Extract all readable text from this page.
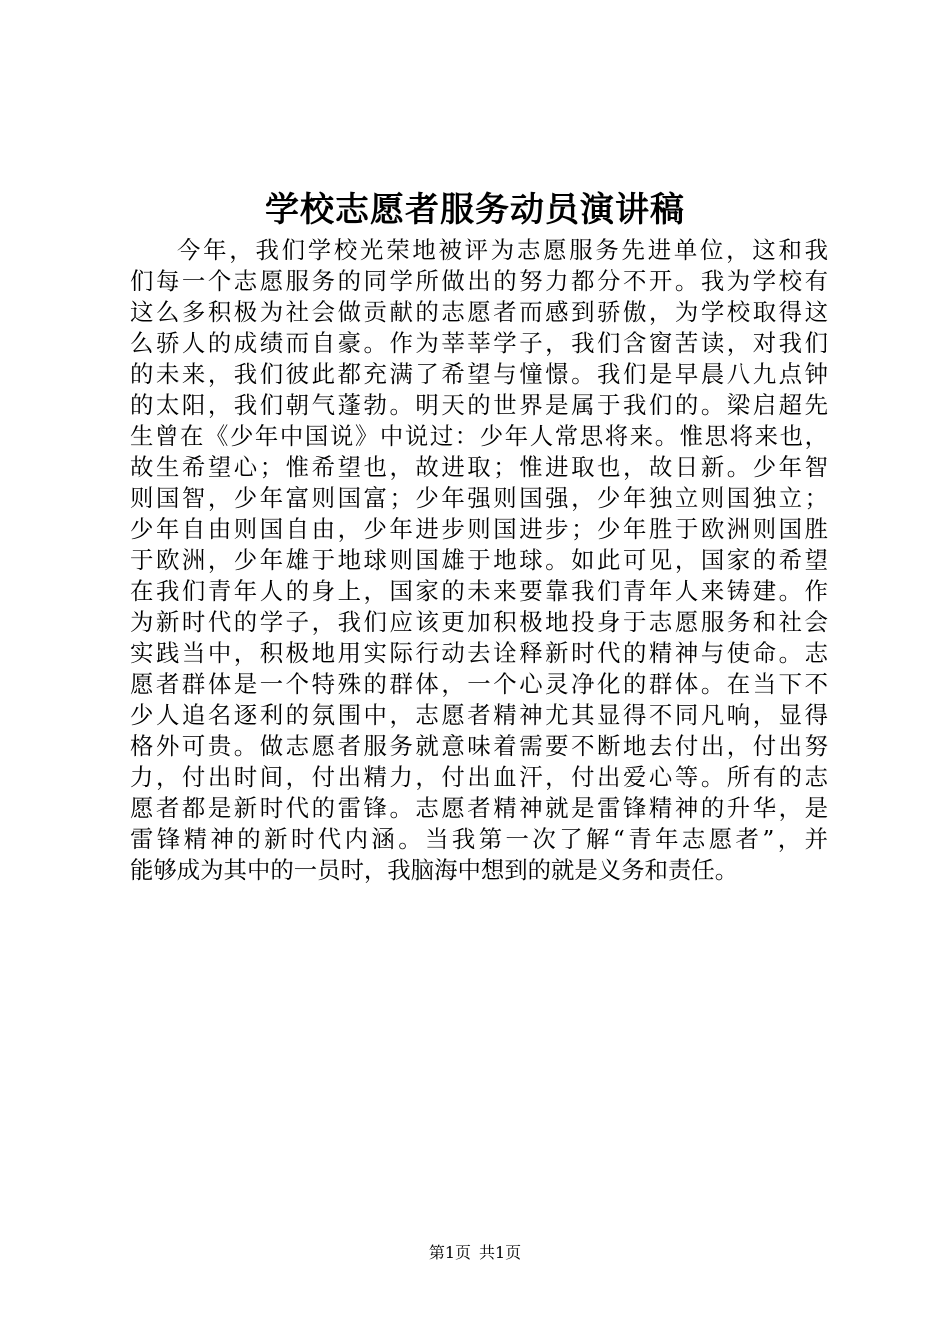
学校志愿者服务动员演讲稿
今年，我们学校光荣地被评为志愿服务先进单位，这和我
们每一个志愿服务的同学所做出的努力都分不开。我为学校有
这么多积极为社会做贡献的志愿者而感到骄傲，为学校取得这
么骄人的成绩而自豪。作为莘莘学子，我们含窗苦读，对我们
的未来，我们彼此都充满了希望与憧憬。我们是早晨八九点钟
的太阳，我们朝气蓬勃。明天的世界是属于我们的。梁启超先
生曾在《少年中国说》中说过：少年人常思将来。惟思将来也，
故生希望心；惟希望也，故进取；惟进取也，故日新。少年智
则国智，少年富则国富；少年强则国强，少年独立则国独立；
少年自由则国自由，少年进步则国进步；少年胜于欧洲则国胜
于欧洲，少年雄于地球则国雄于地球。如此可见，国家的希望
在我们青年人的身上，国家的未来要靠我们青年人来铸建。作
为新时代的学子，我们应该更加积极地投身于志愿服务和社会
实践当中，积极地用实际行动去诠释新时代的精神与使命。志
愿者群体是一个特殊的群体，一个心灵净化的群体。在当下不
少人追名逐利的氛围中，志愿者精神尤其显得不同凡响，显得
格外可贵。做志愿者服务就意味着需要不断地去付出，付出努
力，付出时间，付出精力，付出血汗，付出爱心等。所有的志
愿者都是新时代的雷锋。志愿者精神就是雷锋精神的升华，是
雷锋精神的新时代内涵。当我第一次了解“青年志愿者”，并
能够成为其中的一员时，我脑海中想到的就是义务和责任。
第1页 共1页
